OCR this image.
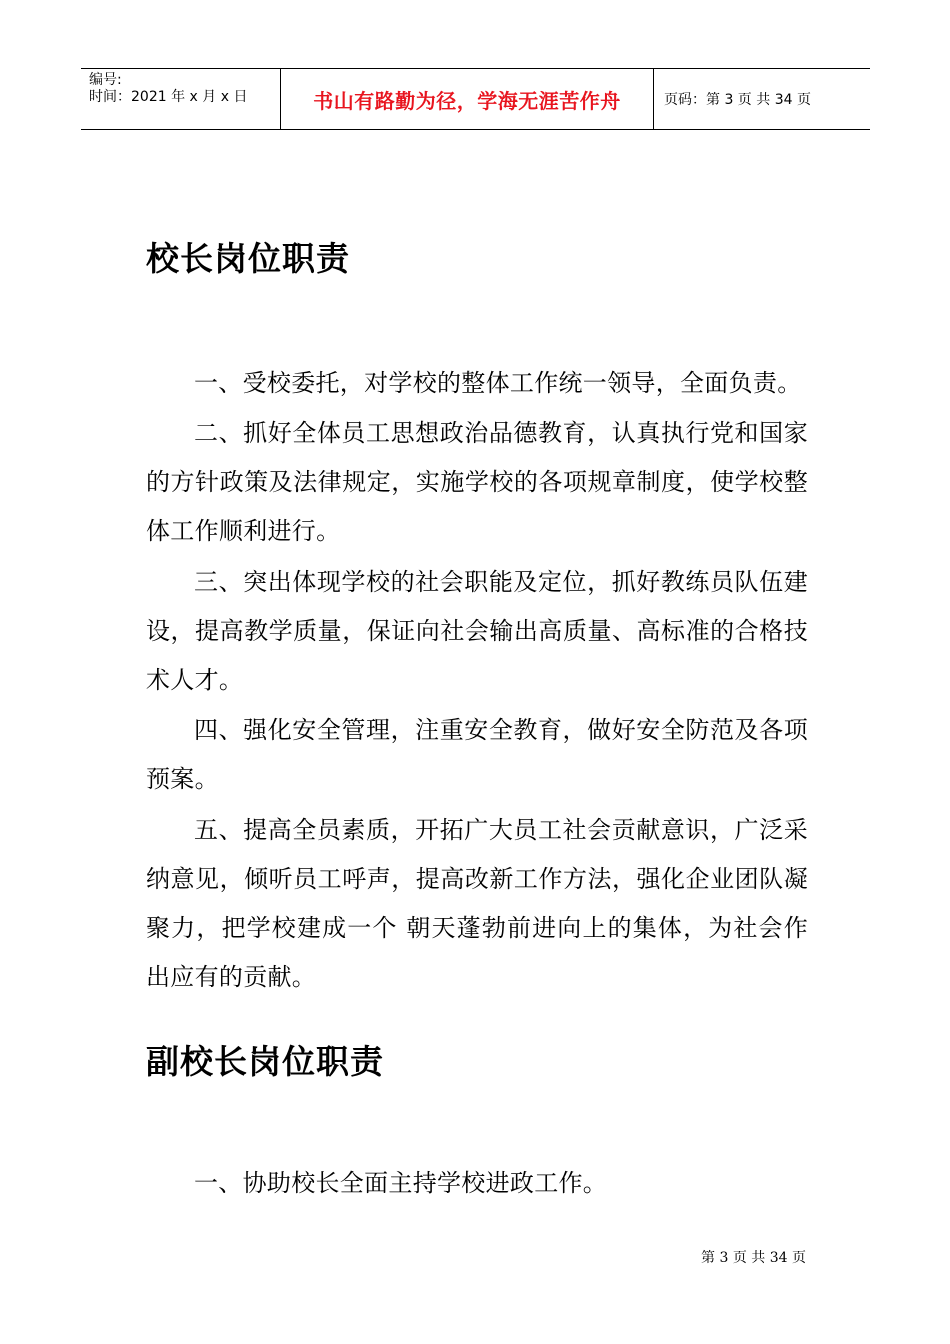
编号:
时间：2021 年 x 月 x 日	书山有路勤为径，学海无涯苦作舟	页码：第 3 页 共 34 页
校长岗位职责
一、受校委托，对学校的整体工作统一领导，全面负责。
二、抓好全体员工思想政治品德教育，认真执行党和国家的方针政策及法律规定，实施学校的各项规章制度，使学校整体工作顺利进行。
三、突出体现学校的社会职能及定位，抓好教练员队伍建设，提高教学质量，保证向社会输出高质量、高标准的合格技术人才。
四、强化安全管理，注重安全教育，做好安全防范及各项预案。
五、提高全员素质，开拓广大员工社会贡献意识，广泛采纳意见，倾听员工呼声，提高改新工作方法，强化企业团队凝聚力，把学校建成一个 朝天蓬勃前进向上的集体，为社会作出应有的贡献。
副校长岗位职责
一、协助校长全面主持学校进政工作。
第 3 页 共 34 页
